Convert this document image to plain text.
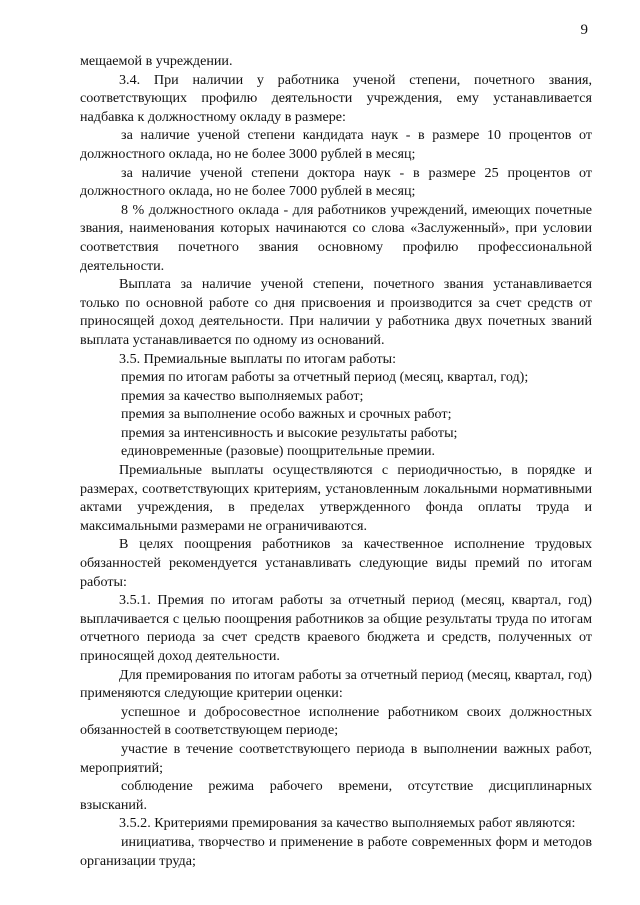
9

мещаемой в учреждении.

3.4. При наличии у работника ученой степени, почетного звания, соответствующих профилю деятельности учреждения, ему устанавливается надбавка к должностному окладу в размере:

за наличие ученой степени кандидата наук - в размере 10 процентов от должностного оклада, но не более 3000 рублей в месяц;

за наличие ученой степени доктора наук - в размере 25 процентов от должностного оклада, но не более 7000 рублей в месяц;

8 % должностного оклада - для работников учреждений, имеющих почетные звания, наименования которых начинаются со слова «Заслуженный», при условии соответствия почетного звания основному профилю профессиональной деятельности.

Выплата за наличие ученой степени, почетного звания устанавливается только по основной работе со дня присвоения и производится за счет средств от приносящей доход деятельности. При наличии у работника двух почетных званий выплата устанавливается по одному из оснований.

3.5. Премиальные выплаты по итогам работы:

премия по итогам работы за отчетный период (месяц, квартал, год);

премия за качество выполняемых работ;

премия за выполнение особо важных и срочных работ;

премия за интенсивность и высокие результаты работы;

единовременные (разовые) поощрительные премии.

Премиальные выплаты осуществляются с периодичностью, в порядке и размерах, соответствующих критериям, установленным локальными нормативными актами учреждения, в пределах утвержденного фонда оплаты труда и максимальными размерами не ограничиваются.

В целях поощрения работников за качественное исполнение трудовых обязанностей рекомендуется устанавливать следующие виды премий по итогам работы:

3.5.1. Премия по итогам работы за отчетный период (месяц, квартал, год) выплачивается с целью поощрения работников за общие результаты труда по итогам отчетного периода за счет средств краевого бюджета и средств, полученных от приносящей доход деятельности.

Для премирования по итогам работы за отчетный период (месяц, квартал, год) применяются следующие критерии оценки:

успешное и добросовестное исполнение работником своих должностных обязанностей в соответствующем периоде;

участие в течение соответствующего периода в выполнении важных работ, мероприятий;

соблюдение режима рабочего времени, отсутствие дисциплинарных взысканий.

3.5.2. Критериями премирования за качество выполняемых работ являются:

инициатива, творчество и применение в работе современных форм и методов организации труда;
